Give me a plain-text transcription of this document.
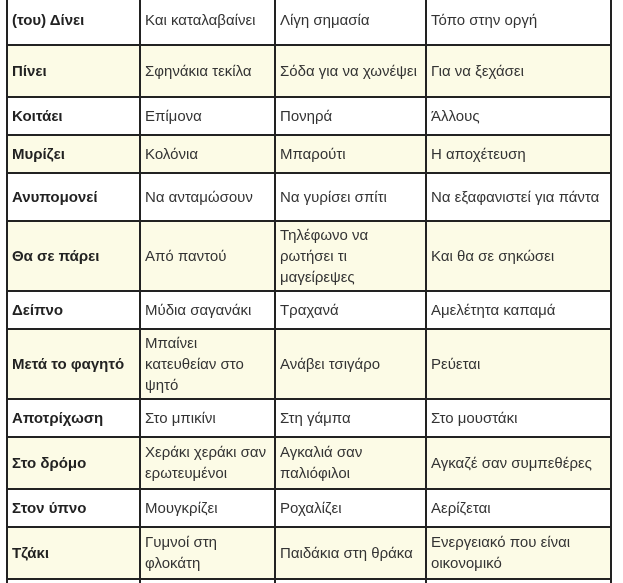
(του) Δίνει	Και καταλαβαίνει	Λίγη σημασία	Τόπο στην οργή
Πίνει	Σφηνάκια τεκίλα	Σόδα για να χωνέψει	Για να ξεχάσει
Κοιτάει	Επίμονα	Πονηρά	Άλλους
Μυρίζει	Κολόνια	Μπαρούτι	Η αποχέτευση
Ανυπομονεί	Να ανταμώσουν	Να γυρίσει σπίτι	Να εξαφανιστεί για πάντα
Θα σε πάρει	Από παντού	Τηλέφωνο να ρωτήσει τι μαγείρεψες	Και θα σε σηκώσει
Δείπνο	Μύδια σαγανάκι	Τραχανά	Αμελέτητα καπαμά
Μετά το φαγητό	Μπαίνει κατευθείαν στο ψητό	Ανάβει τσιγάρο	Ρεύεται
Αποτρίχωση	Στο μπικίνι	Στη γάμπα	Στο μουστάκι
Στο δρόμο	Χεράκι χεράκι σαν ερωτευμένοι	Αγκαλιά σαν παλιόφιλοι	Αγκαζέ σαν συμπεθέρες
Στον ύπνο	Μουγκρίζει	Ροχαλίζει	Αερίζεται
Τζάκι	Γυμνοί στη φλοκάτη	Παιδάκια στη θράκα	Ενεργειακό που είναι οικονομικό
